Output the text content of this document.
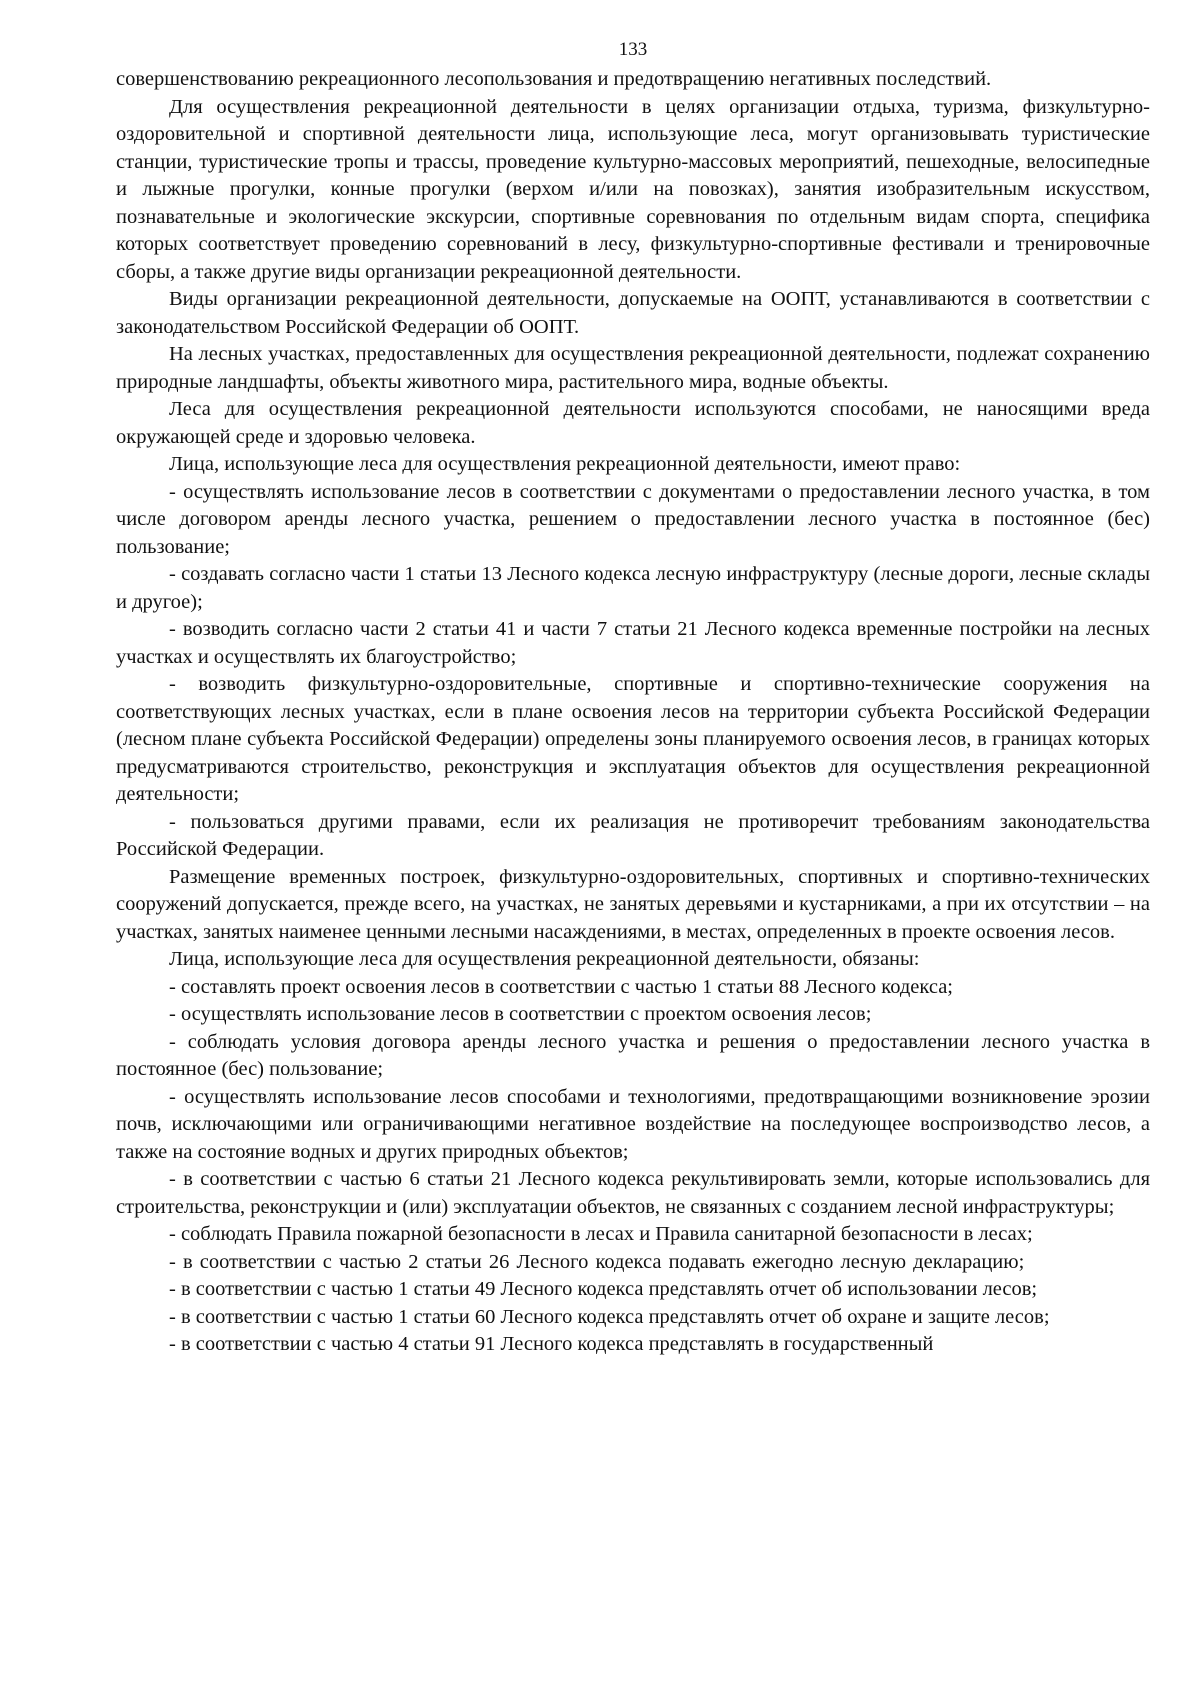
133

совершенствованию рекреационного лесопользования и предотвращению негативных последствий.

Для осуществления рекреационной деятельности в целях организации отдыха, туризма, физкультурно-оздоровительной и спортивной деятельности лица, использующие леса, могут организовывать туристические станции, туристические тропы и трассы, проведение культурно-массовых мероприятий, пешеходные, велосипедные и лыжные прогулки, конные прогулки (верхом и/или на повозках), занятия изобразительным искусством, познавательные и экологические экскурсии, спортивные соревнования по отдельным видам спорта, специфика которых соответствует проведению соревнований в лесу, физкультурно-спортивные фестивали и тренировочные сборы, а также другие виды организации рекреационной деятельности.

Виды организации рекреационной деятельности, допускаемые на ООПТ, устанавливаются в соответствии с законодательством Российской Федерации об ООПТ.

На лесных участках, предоставленных для осуществления рекреационной деятельности, подлежат сохранению природные ландшафты, объекты животного мира, растительного мира, водные объекты.

Леса для осуществления рекреационной деятельности используются способами, не наносящими вреда окружающей среде и здоровью человека.

Лица, использующие леса для осуществления рекреационной деятельности, имеют право:

- осуществлять использование лесов в соответствии с документами о предоставлении лесного участка, в том числе договором аренды лесного участка, решением о предоставлении лесного участка в постоянное (бес) пользование;

- создавать согласно части 1 статьи 13 Лесного кодекса лесную инфраструктуру (лесные дороги, лесные склады и другое);

- возводить согласно части 2 статьи 41 и части 7 статьи 21 Лесного кодекса временные постройки на лесных участках и осуществлять их благоустройство;

- возводить физкультурно-оздоровительные, спортивные и спортивно-технические сооружения на соответствующих лесных участках, если в плане освоения лесов на территории субъекта Российской Федерации (лесном плане субъекта Российской Федерации) определены зоны планируемого освоения лесов, в границах которых предусматриваются строительство, реконструкция и эксплуатация объектов для осуществления рекреационной деятельности;

- пользоваться другими правами, если их реализация не противоречит требованиям законодательства Российской Федерации.

Размещение временных построек, физкультурно-оздоровительных, спортивных и спортивно-технических сооружений допускается, прежде всего, на участках, не занятых деревьями и кустарниками, а при их отсутствии – на участках, занятых наименее ценными лесными насаждениями, в местах, определенных в проекте освоения лесов.

Лица, использующие леса для осуществления рекреационной деятельности, обязаны:

- составлять проект освоения лесов в соответствии с частью 1 статьи 88 Лесного кодекса;

- осуществлять использование лесов в соответствии с проектом освоения лесов;

- соблюдать условия договора аренды лесного участка и решения о предоставлении лесного участка в постоянное (бес) пользование;

- осуществлять использование лесов способами и технологиями, предотвращающими возникновение эрозии почв, исключающими или ограничивающими негативное воздействие на последующее воспроизводство лесов, а также на состояние водных и других природных объектов;

- в соответствии с частью 6 статьи 21 Лесного кодекса рекультивировать земли, которые использовались для строительства, реконструкции и (или) эксплуатации объектов, не связанных с созданием лесной инфраструктуры;

- соблюдать Правила пожарной безопасности в лесах и Правила санитарной безопасности в лесах;

- в соответствии с частью 2 статьи 26 Лесного кодекса подавать ежегодно лесную декларацию;

- в соответствии с частью 1 статьи 49 Лесного кодекса представлять отчет об использовании лесов;

- в соответствии с частью 1 статьи 60 Лесного кодекса представлять отчет об охране и защите лесов;

- в соответствии с частью 4 статьи 91 Лесного кодекса представлять в государственный
